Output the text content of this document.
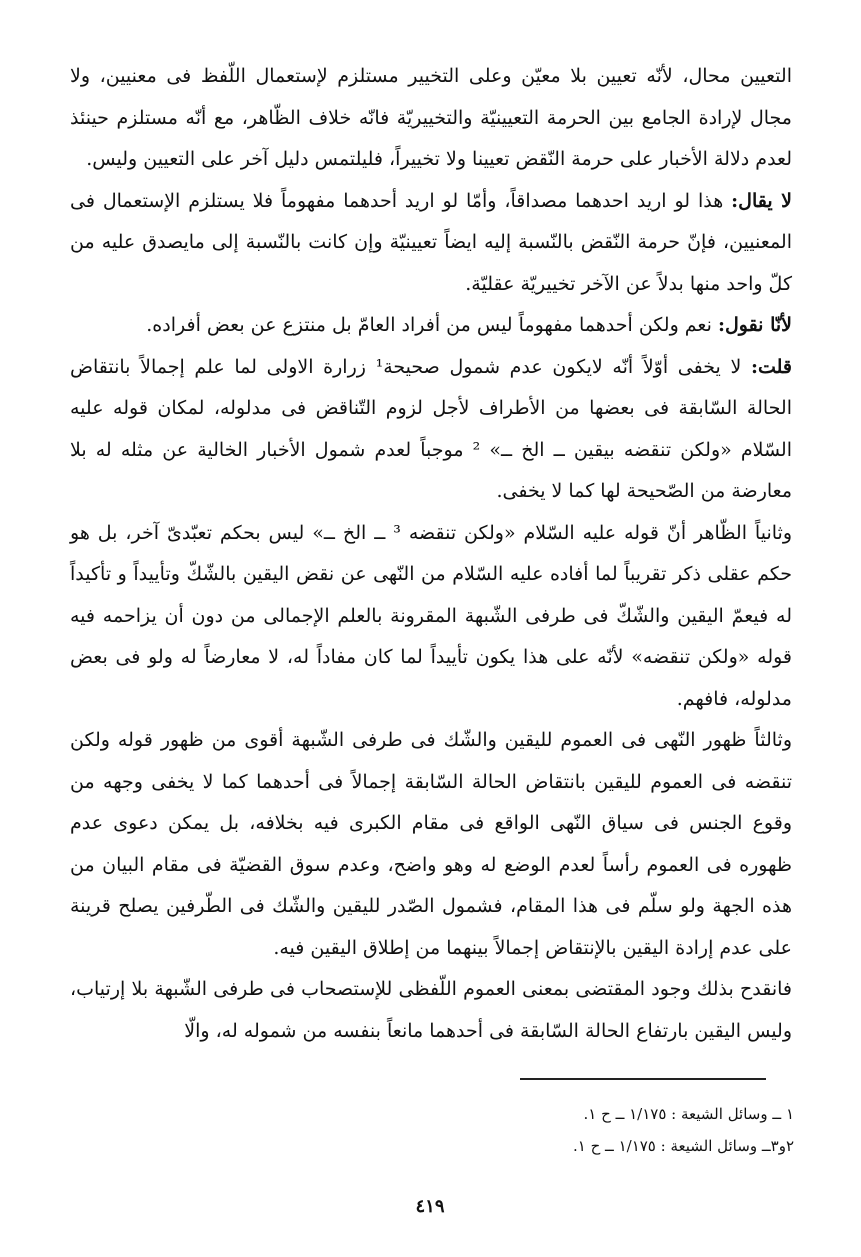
التعيين محال، لأنّه تعيين بلا معيّن وعلى التخيير مستلزم لإستعمال اللّفظ فى معنيين، ولا مجال لإرادة الجامع بين الحرمة التعيينيّة والتخييريّة فانّه خلاف الظّاهر، مع أنّه مستلزم حينئذ لعدم دلالة الأخبار على حرمة النّقض تعيينا ولا تخييراً، فليلتمس دليل آخر على التعيين وليس.

لا يقال: هذا لو اريد احدهما مصداقاً، وأمّا لو اريد أحدهما مفهوماً فلا يستلزم الإستعمال فى المعنيين، فإنّ حرمة النّقض بالنّسبة إليه ايضاً تعيينيّة وإن كانت بالنّسبة إلى مايصدق عليه من كلّ واحد منها بدلاً عن الآخر تخييريّة عقليّة.

لأنّا نقول: نعم ولكن أحدهما مفهوماً ليس من أفراد العامّ بل منتزع عن بعض أفراده.

قلت: لا يخفى أوّلاً أنّه لايكون عدم شمول صحيحة¹ زرارة الاولى لما علم إجمالاً بانتقاض الحالة السّابقة فى بعضها من الأطراف لأجل لزوم التّناقض فى مدلوله، لمكان قوله عليه السّلام «ولكن تنقضه بيقين ــ الخ ــ» ² موجباً لعدم شمول الأخبار الخالية عن مثله له بلا معارضة من الصّحيحة لها كما لا يخفى.

وثانياً الظّاهر أنّ قوله عليه السّلام «ولكن تنقضه ³ ــ الخ ــ» ليس بحكم تعبّدىّ آخر، بل هو حكم عقلى ذكر تقريباً لما أفاده عليه السّلام من النّهى عن نقض اليقين بالشّكّ وتأييداً و تأكيداً له فيعمّ اليقين والشّكّ فى طرفى الشّبهة المقرونة بالعلم الإجمالى من دون أن يزاحمه فيه قوله «ولكن تنقضه» لأنّه على هذا يكون تأييداً لما كان مفاداً له، لا معارضاً له ولو فى بعض مدلوله، فافهم.

وثالثاً ظهور النّهى فى العموم لليقين والشّك فى طرفى الشّبهة أقوى من ظهور قوله ولكن تنقضه فى العموم لليقين بانتقاض الحالة السّابقة إجمالاً فى أحدهما كما لا يخفى وجهه من وقوع الجنس فى سياق النّهى الواقع فى مقام الكبرى فيه بخلافه، بل يمكن دعوى عدم ظهوره فى العموم رأساً لعدم الوضع له وهو واضح، وعدم سوق القضيّة فى مقام البيان من هذه الجهة ولو سلّم فى هذا المقام، فشمول الصّدر لليقين والشّك فى الطّرفين يصلح قرينة على عدم إرادة اليقين بالإنتقاض إجمالاً بينهما من إطلاق اليقين فيه.

فانقدح بذلك وجود المقتضى بمعنى العموم اللّفظى للإستصحاب فى طرفى الشّبهة بلا إرتياب، وليس اليقين بارتفاع الحالة السّابقة فى أحدهما مانعاً بنفسه من شموله له، والّا

١ ــ وسائل الشيعة : ١/١٧٥ ــ ح ١.

٢و٣ــ وسائل الشيعة : ١/١٧٥ ــ ح ١.

٤١٩
